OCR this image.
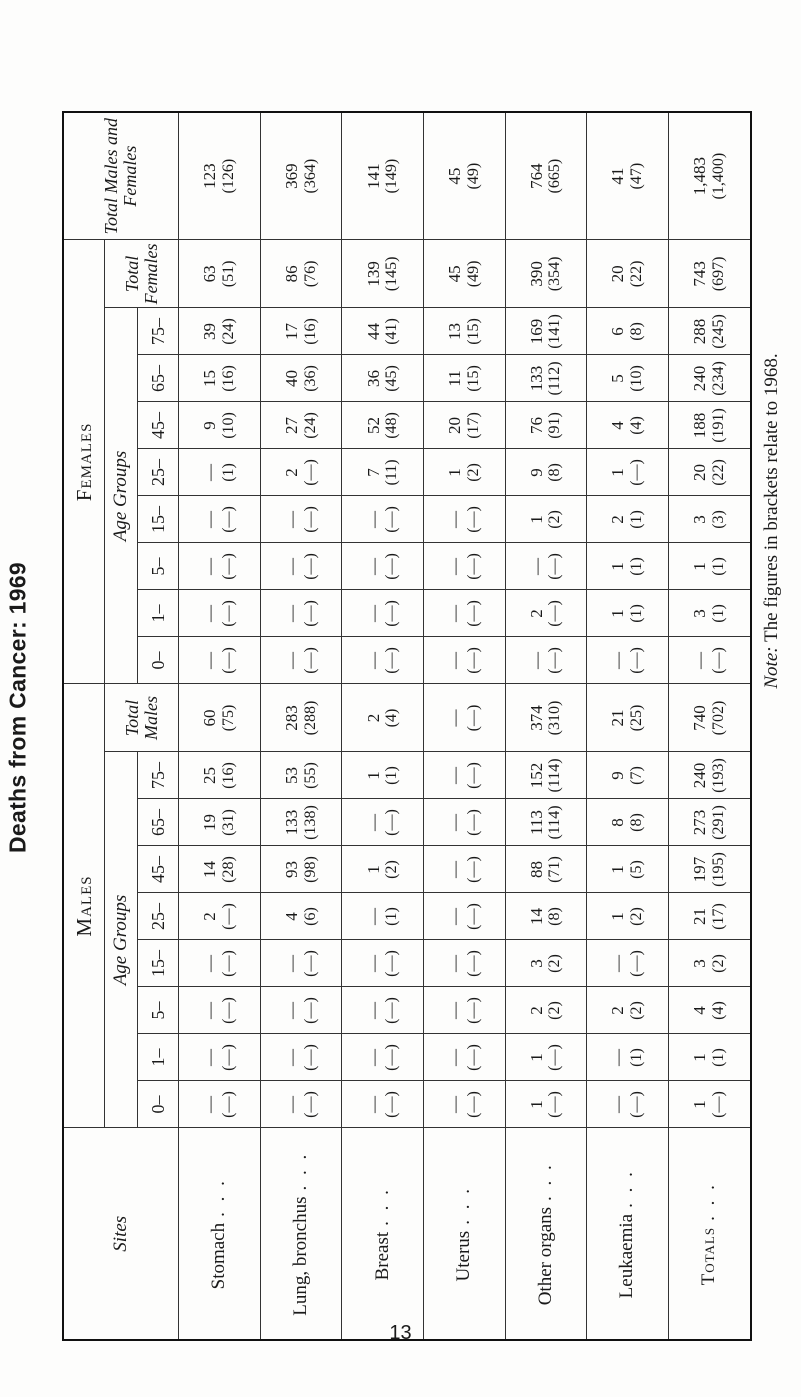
Deaths from Cancer: 1969
Sites	Males									Females									Total Males and Females
	Age Groups								Total Males	Age Groups								Total Females	
	0–	1–	5–	15–	25–	45–	65–	75–		0–	1–	5–	15–	25–	45–	65–	75–		
Stomach. . .	— (—)	— (—)	— (—)	— (—)	2 (—)	14 (28)	19 (31)	25 (16)	60 (75)	— (—)	— (—)	— (—)	— (—)	— (1)	9 (10)	15 (16)	39 (24)	63 (51)	123 (126)

Lung, bronchus. . .	— (—)	— (—)	— (—)	— (—)	4 (6)	93 (98)	133 (138)	53 (55)	283 (288)	— (—)	— (—)	— (—)	— (—)	2 (—)	27 (24)	40 (36)	17 (16)	86 (76)	369 (364)

Breast. . .	— (—)	— (—)	— (—)	— (—)	— (1)	1 (2)	— (—)	1 (1)	2 (4)	— (—)	— (—)	— (—)	— (—)	7 (11)	52 (48)	36 (45)	44 (41)	139 (145)	141 (149)

Uterus. . .	— (—)	— (—)	— (—)	— (—)	— (—)	— (—)	— (—)	— (—)	— (—)	— (—)	— (—)	— (—)	— (—)	1 (2)	20 (17)	11 (15)	13 (15)	45 (49)	45 (49)

Other organs. . .	1 (—)	1 (—)	2 (2)	3 (2)	14 (8)	88 (71)	113 (114)	152 (114)	374 (310)	— (—)	2 (—)	— (—)	1 (2)	9 (8)	76 (91)	133 (112)	169 (141)	390 (354)	764 (665)

Leukaemia. . .	— (—)	— (1)	2 (2)	— (—)	1 (2)	1 (5)	8 (8)	9 (7)	21 (25)	— (—)	1 (1)	1 (1)	2 (1)	1 (—)	4 (4)	5 (10)	6 (8)	20 (22)	41 (47)

Totals. . .	1 (—)	1 (1)	4 (4)	3 (2)	21 (17)	197 (195)	273 (291)	240 (193)	740 (702)	— (—)	3 (1)	1 (1)	3 (3)	20 (22)	188 (191)	240 (234)	288 (245)	743 (697)	1,483 (1,400)
Note: The figures in brackets relate to 1968.
13
